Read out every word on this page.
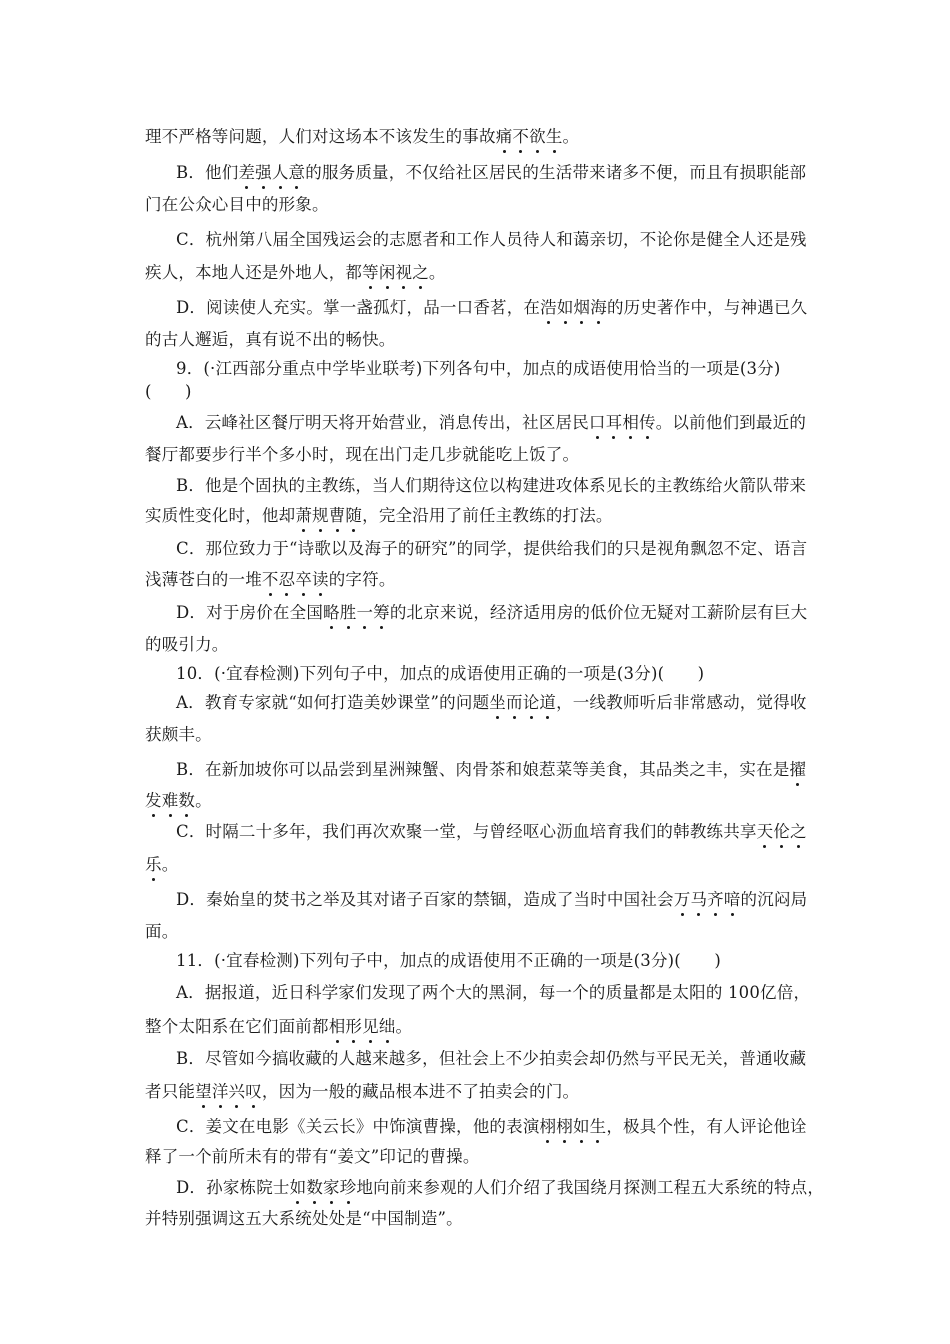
理不严格等问题，人们对这场本不该发生的事故痛不欲生。
B．他们差强人意的服务质量，不仅给社区居民的生活带来诸多不便，而且有损职能部
门在公众心目中的形象。
C．杭州第八届全国残运会的志愿者和工作人员待人和蔼亲切，不论你是健全人还是残
疾人，本地人还是外地人，都等闲视之。
D．阅读使人充实。掌一盏孤灯，品一口香茗，在浩如烟海的历史著作中，与神遇已久
的古人邂逅，真有说不出的畅快。
9．(·江西部分重点中学毕业联考)下列各句中，加点的成语使用恰当的一项是(3分)
(　　)
A．云峰社区餐厅明天将开始营业，消息传出，社区居民口耳相传。以前他们到最近的
餐厅都要步行半个多小时，现在出门走几步就能吃上饭了。
B．他是个固执的主教练，当人们期待这位以构建进攻体系见长的主教练给火箭队带来
实质性变化时，他却萧规曹随，完全沿用了前任主教练的打法。
C．那位致力于“诗歌以及海子的研究”的同学，提供给我们的只是视角飘忽不定、语言
浅薄苍白的一堆不忍卒读的字符。
D．对于房价在全国略胜一筹的北京来说，经济适用房的低价位无疑对工薪阶层有巨大
的吸引力。
10．(·宜春检测)下列句子中，加点的成语使用正确的一项是(3分)(　　)
A．教育专家就“如何打造美妙课堂”的问题坐而论道，一线教师听后非常感动，觉得收
获颇丰。
B．在新加坡你可以品尝到星洲辣蟹、肉骨茶和娘惹菜等美食，其品类之丰，实在是擢
发难数。
C．时隔二十多年，我们再次欢聚一堂，与曾经呕心沥血培育我们的韩教练共享天伦之
乐。
D．秦始皇的焚书之举及其对诸子百家的禁锢，造成了当时中国社会万马齐喑的沉闷局
面。
11．(·宜春检测)下列句子中，加点的成语使用不正确的一项是(3分)(　　)
A．据报道，近日科学家们发现了两个大的黑洞，每一个的质量都是太阳的 100亿倍，
整个太阳系在它们面前都相形见绌。
B．尽管如今搞收藏的人越来越多，但社会上不少拍卖会却仍然与平民无关，普通收藏
者只能望洋兴叹，因为一般的藏品根本进不了拍卖会的门。
C．姜文在电影《关云长》中饰演曹操，他的表演栩栩如生，极具个性，有人评论他诠
释了一个前所未有的带有“姜文”印记的曹操。
D．孙家栋院士如数家珍地向前来参观的人们介绍了我国绕月探测工程五大系统的特点，
并特别强调这五大系统处处是“中国制造”。
